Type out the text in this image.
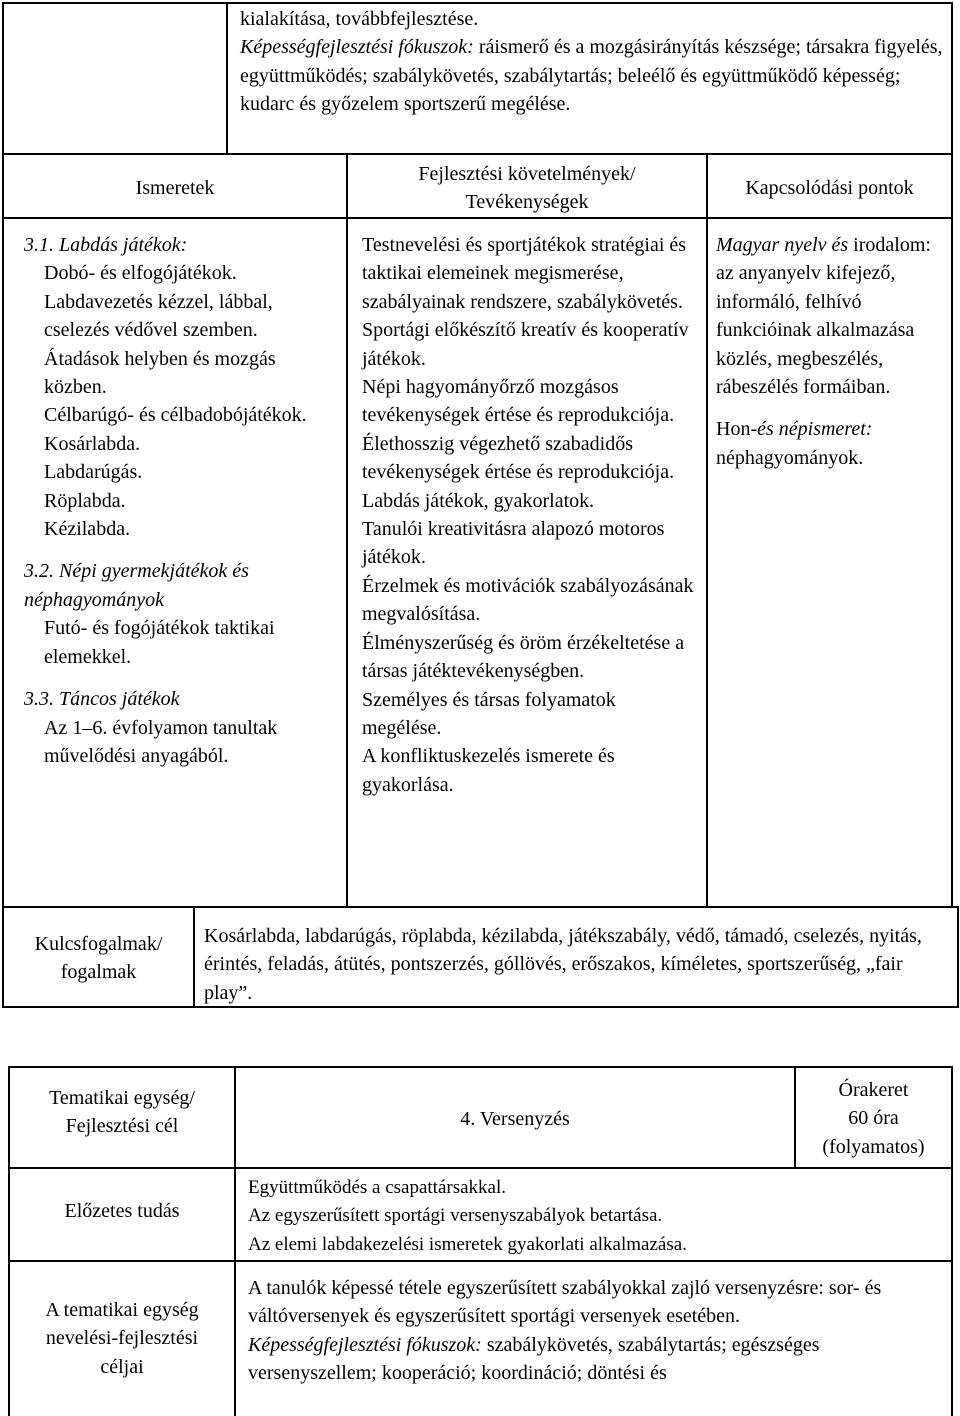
kialakítása, továbbfejlesztése.

Képességfejlesztési fókuszok: ráismerő és a mozgásirányítás készsége; társakra figyelés, együttműködés; szabálykövetés, szabálytartás; beleélő és együttműködő képesség; kudarc és győzelem sportszerű megélése.

Ismeretek

Fejlesztési követelmények/

Tevékenységek

Kapcsolódási pontok

3.1. Labdás játékok:

Dobó- és elfogójátékok.

Labdavezetés kézzel, lábbal, cselezés védővel szemben.

Átadások helyben és mozgás közben.

Célbarúgó- és célbadobójátékok.

Kosárlabda.

Labdarúgás.

Röplabda.

Kézilabda.

3.2. Népi gyermekjátékok és néphagyományok

Futó- és fogójátékok taktikai elemekkel.

3.3. Táncos játékok

Az 1–6. évfolyamon tanultak művelődési anyagából.

Testnevelési és sportjátékok stratégiai és taktikai elemeinek megismerése, szabályainak rendszere, szabálykövetés.

Sportági előkészítő kreatív és kooperatív játékok.

Népi hagyományőrző mozgásos tevékenységek értése és reprodukciója.

Élethosszig végezhető szabadidős tevékenységek értése és reprodukciója.

Labdás játékok, gyakorlatok.

Tanulói kreativitásra alapozó motoros játékok.

Érzelmek és motivációk szabályozásának megvalósítása.

Élményszerűség és öröm érzékeltetése a társas játéktevékenységben.

Személyes és társas folyamatok megélése.

A konfliktuskezelés ismerete és gyakorlása.

Magyar nyelv és irodalom: az anyanyelv kifejező, informáló, felhívó funkcióinak alkalmazása közlés, megbeszélés, rábeszélés formáiban.

Hon-és népismeret: néphagyományok.

Kulcsfogalmak/

fogalmak

Kosárlabda, labdarúgás, röplabda, kézilabda, játékszabály, védő, támadó, cselezés, nyitás, érintés, feladás, átütés, pontszerzés, góllövés, erőszakos, kíméletes, sportszerűség, „fair play”.

Tematikai egység/

Fejlesztési cél	4. Versenyzés

Órakeret

60 óra

(folyamatos)

Előzetes tudás

Együttműködés a csapattársakkal.

Az egyszerűsített sportági versenyszabályok betartása.

Az elemi labdakezelési ismeretek gyakorlati alkalmazása.

A tematikai egység

nevelési-fejlesztési

céljai

A tanulók képessé tétele egyszerűsített szabályokkal zajló versenyzésre: sor- és váltóversenyek és egyszerűsített sportági versenyek esetében.

Képességfejlesztési fókuszok: szabálykövetés, szabálytartás; egészséges versenyszellem; kooperáció; koordináció; döntési és
